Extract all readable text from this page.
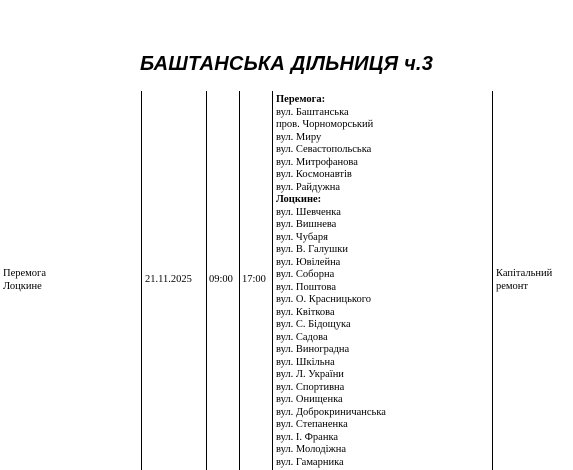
БАШТАНСЬКА ДІЛЬНИЦЯ ч.3
Перемога
Лоцкине
21.11.2025 09:00 17:00
Перемога:
вул. Баштанська
пров. Чорноморський
вул. Миру
вул. Севастопольська
вул. Митрофанова
вул. Космонавтів
вул. Райдужна
Лоцкине:
вул. Шевченка
вул. Вишнева
вул. Чубаря
вул. В. Галушки
вул. Ювілейна
вул. Соборна
вул. Поштова
вул. О. Красницького
вул. Квіткова
вул. С. Бідощука
вул. Садова
вул. Виноградна
вул. Шкільна
вул. Л. України
вул. Спортивна
вул. Онищенка
вул. Доброкриничанська
вул. Степаненка
вул. І. Франка
вул. Молодіжна
вул. Гамарника
Капітальний
ремонт
